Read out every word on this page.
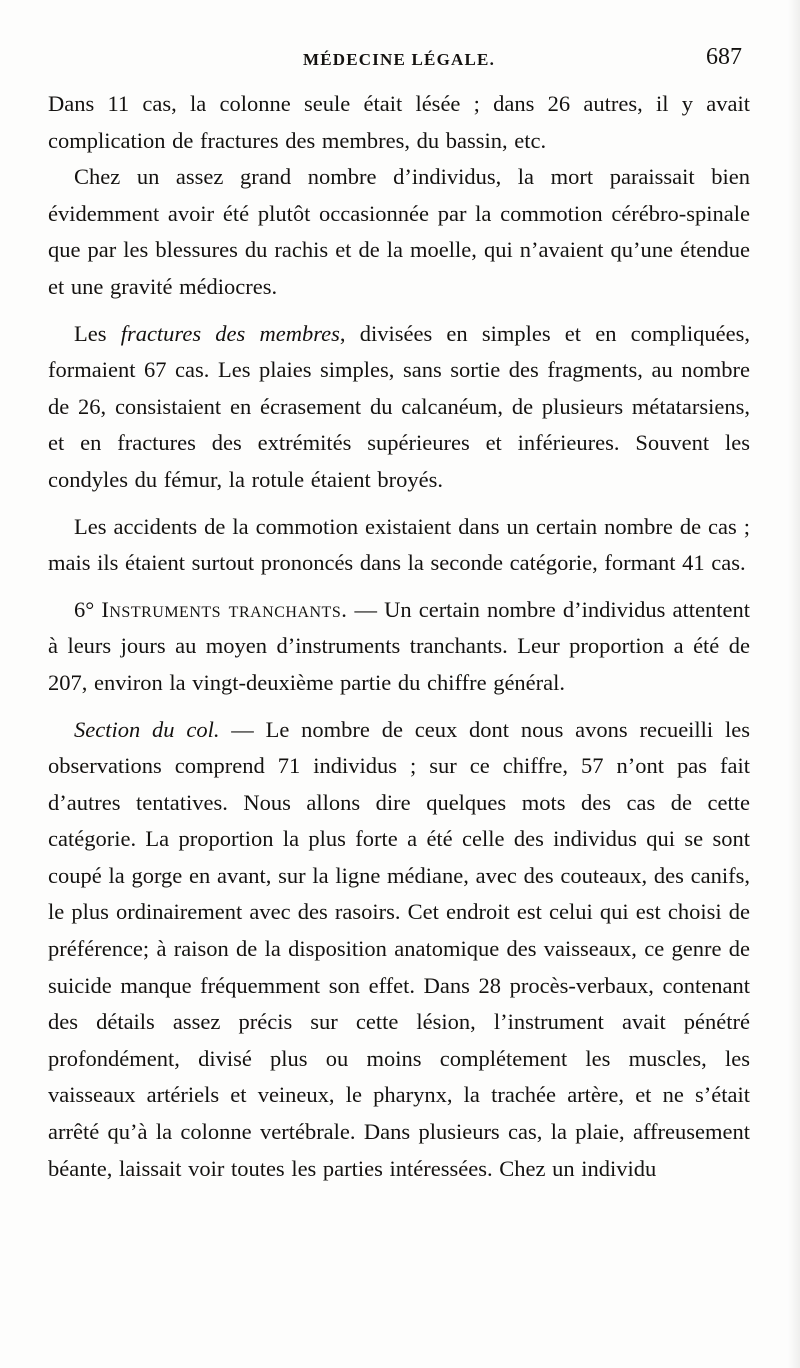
MÉDECINE LÉGALE.	687

Dans 11 cas, la colonne seule était lésée ; dans 26 autres, il y avait complication de fractures des membres, du bassin, etc.

Chez un assez grand nombre d’individus, la mort paraissait bien évidemment avoir été plutôt occasionnée par la commotion cérébro-spinale que par les blessures du rachis et de la moelle, qui n’avaient qu’une étendue et une gravité médiocres.

Les fractures des membres, divisées en simples et en compliquées, formaient 67 cas. Les plaies simples, sans sortie des fragments, au nombre de 26, consistaient en écrasement du calcanéum, de plusieurs métatarsiens, et en fractures des extrémités supérieures et inférieures. Souvent les condyles du fémur, la rotule étaient broyés.

Les accidents de la commotion existaient dans un certain nombre de cas ; mais ils étaient surtout prononcés dans la seconde catégorie, formant 41 cas.

6° Instruments tranchants. — Un certain nombre d’individus attentent à leurs jours au moyen d’instruments tranchants. Leur proportion a été de 207, environ la vingt-deuxième partie du chiffre général.

Section du col. — Le nombre de ceux dont nous avons recueilli les observations comprend 71 individus ; sur ce chiffre, 57 n’ont pas fait d’autres tentatives. Nous allons dire quelques mots des cas de cette catégorie. La proportion la plus forte a été celle des individus qui se sont coupé la gorge en avant, sur la ligne médiane, avec des couteaux, des canifs, le plus ordinairement avec des rasoirs. Cet endroit est celui qui est choisi de préférence; à raison de la disposition anatomique des vaisseaux, ce genre de suicide manque fréquemment son effet. Dans 28 procès-verbaux, contenant des détails assez précis sur cette lésion, l’instrument avait pénétré profondément, divisé plus ou moins complétement les muscles, les vaisseaux artériels et veineux, le pharynx, la trachée artère, et ne s’était arrêté qu’à la colonne vertébrale. Dans plusieurs cas, la plaie, affreusement béante, laissait voir toutes les parties intéressées. Chez un individu
